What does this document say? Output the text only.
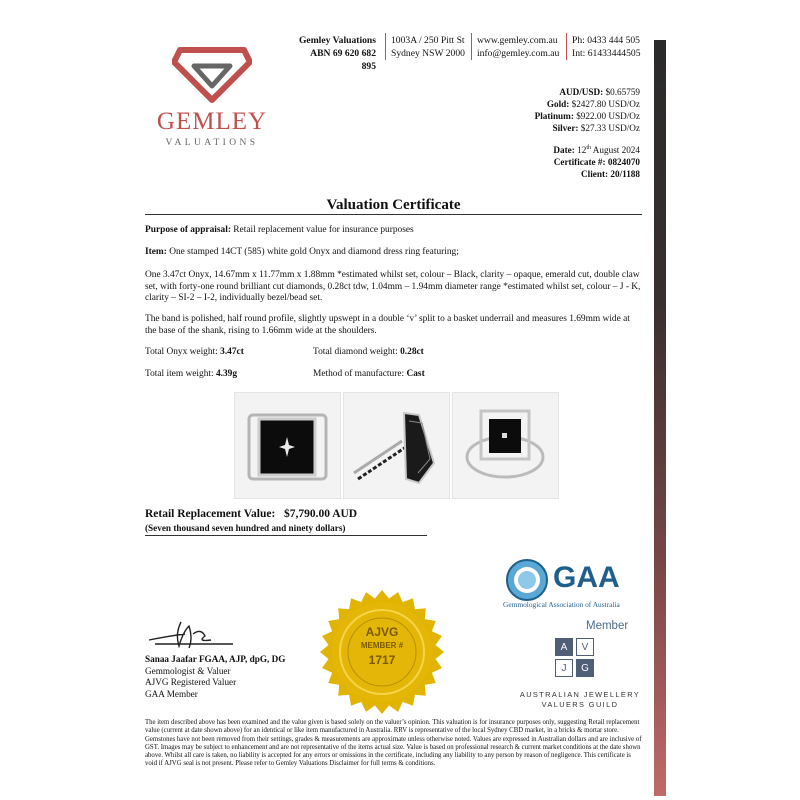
GEMLEY
VALUATIONS
Gemley Valuations
ABN 69 620 682 895
1003A / 250 Pitt St
Sydney NSW 2000
www.gemley.com.au
info@gemley.com.au
Ph: 0433 444 505
Int: 61433444505
AUD/USD: $0.65759
Gold: $2427.80 USD/Oz
Platinum: $922.00 USD/Oz
Silver: $27.33 USD/Oz
Date: 12th August 2024
Certificate #: 0824070
Client: 20/1188
Valuation Certificate
Purpose of appraisal: Retail replacement value for insurance purposes
Item: One stamped 14CT (585) white gold Onyx and diamond dress ring featuring;
One 3.47ct Onyx, 14.67mm x 11.77mm x 1.88mm *estimated whilst set, colour – Black, clarity – opaque, emerald cut, double claw set, with forty-one round brilliant cut diamonds, 0.28ct tdw, 1.04mm – 1.94mm diameter range *estimated whilst set, colour – J - K, clarity – SI-2 – I-2, individually bezel/bead set.
The band is polished, half round profile, slightly upswept in a double ‘v’ split to a basket underrail and measures 1.69mm wide at the base of the shank, rising to 1.66mm wide at the shoulders.
Total Onyx weight: 3.47ct	Total diamond weight: 0.28ct
Total item weight: 4.39g	Method of manufacture: Cast
Retail Replacement Value: $7,790.00 AUD
(Seven thousand seven hundred and ninety dollars)
Sanaa Jaafar FGAA, AJP, dpG, DG
Gemmologist & Valuer
AJVG Registered Valuer
GAA Member
AJVG
MEMBER #
1717
GAA
Gemmological Association of Australia
Member
A	V
J	G
AUSTRALIAN JEWELLERY
VALUERS GUILD
The item described above has been examined and the value given is based solely on the valuer’s opinion. This valuation is for insurance purposes only, suggesting Retail replacement value (current at date shown above) for an identical or like item manufactured in Australia. RRV is representative of the local Sydney CBD market, in a bricks & mortar store. Gemstones have not been removed from their settings, grades & measurements are approximate unless otherwise noted. Values are expressed in Australian dollars and are inclusive of GST. Images may be subject to enhancement and are not representative of the items actual size. Value is based on professional research & current market conditions at the date shown above. Whilst all care is taken, no liability is accepted for any errors or omissions in the certificate, including any liability to any person by reason of negligence. This certificate is void if AJVG seal is not present. Please refer to Gemley Valuations Disclaimer for full terms & conditions.
